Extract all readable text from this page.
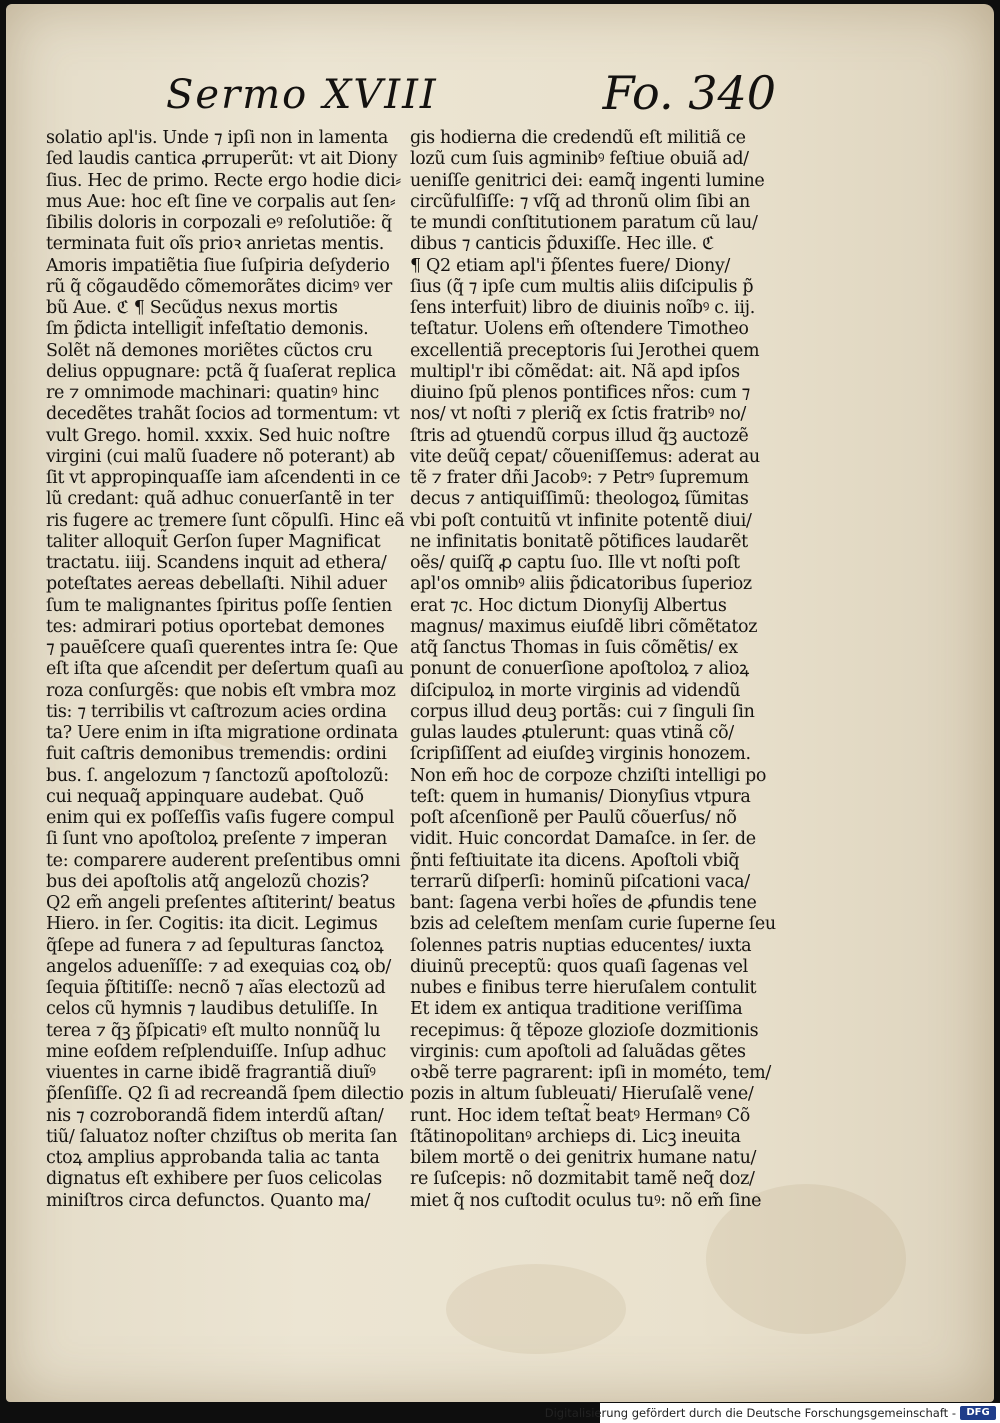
Sermo XVIII	Fo. 340
solatio apl'is. Unde ⁊ ipſi non in lamenta
ſed laudis cantica ꝓrruperũt: vt ait Diony
ſius. Hec de primo. Recte ergo hodie dici⸗
mus Aue: hoc eſt ſine ve corpalis aut ſen⸗
ſibilis doloris in corpozali eꝰ reſolutiõe: q̃
terminata fuit oĩs prioꝛ anrietas mentis.
Amoris impatiẽtia ſiue ſuſpiria deſyderio
rũ q̃ cõgaudẽdo cõmemorãtes dicimꝰ ver
bũ Aue. ℭ ¶ Secũdus nexus mortis
ſm p̃dicta intelligit̃ infeſtatio demonis.
Solẽt nã demones moriẽtes cũctos cru
delius oppugnare: pctã q̃ ſuaſerat replica
re ⁊ omnimode machinari: quatinꝰ hinc
decedẽtes trahãt ſocios ad tormentum: vt
vult Grego. homil. xxxix. Sed huic noſtre
virgini (cui malũ ſuadere nõ poterant) ab
ſit vt appropinquaſſe iam aſcendenti in ce
lũ credant: quã adhuc conuerſantẽ in ter
ris fugere ac tremere ſunt cõpulſi. Hinc eã
taliter alloquit̃ Gerſon ſuper Magnificat
tractatu. iiij. Scandens inquit ad ethera/
poteſtates aereas debellaſti. Nihil aduer
ſum te malignantes ſpiritus poſſe ſentien
tes: admirari potius oportebat demones
⁊ pauēſcere quaſi querentes intra ſe: Que
eſt iſta que aſcendit per deſertum quaſi au
roza conſurgẽs: que nobis eſt vmbra moz
tis: ⁊ terribilis vt caſtrozum acies ordina
ta? Uere enim in iſta migratione ordinata
fuit caſtris demonibus tremendis: ordini
bus. ſ. angelozum ⁊ ſanctozũ apoſtolozũ:
cui nequaq̃ appinquare audebat. Quõ
enim qui ex poſſeſſis vaſis fugere compul
ſi ſunt vno apoſtoloꝝ preſente ⁊ imperan
te: comparere auderent preſentibus omni
bus dei apoſtolis atq̃ angelozũ chozis?
Q2 em̃ angeli preſentes aſtiterint/ beatus
Hiero. in ſer. Cogitis: ita dicit. Legimus
q̃ſepe ad funera ⁊ ad ſepulturas ſanctoꝝ
angelos aduenĩſſe: ⁊ ad exequias coꝝ ob/
ſequia p̃ſtitiſſe: necnõ ⁊ aĩas electozũ ad
celos cũ hymnis ⁊ laudibus detuliſſe. In
terea ⁊ q̃ꝫ p̃ſpicatiꝰ eſt multo nonnũq̃ lu
mine eoſdem reſplenduiſſe. Inſup adhuc
viuentes in carne ibidẽ fragrantiã diuĩꝰ
p̃ſenſiſſe. Q2 ſi ad recreandã ſpem dilectio
nis ⁊ cozroborandã fidem interdũ aſtan/
tiũ/ ſaluatoz noſter chziſtus ob merita ſan
ctoꝝ amplius approbanda talia ac tanta
dignatus eſt exhibere per ſuos celicolas
miniſtros circa defunctos. Quanto ma/
gis hodierna die credendũ eſt militiã ce
lozũ cum ſuis agminibꝰ feſtiue obuiã ad/
ueniſſe genitrici dei: eamq̃ ingenti lumine
circũfulſiſſe: ⁊ vſq̃ ad thronũ olim ſibi an
te mundi conſtitutionem paratum cũ lau/
dibus ⁊ canticis p̃duxiſſe. Hec ille. ℭ
¶ Q2 etiam apl'i p̃ſentes fuere/ Diony/
ſius (q̃ ⁊ ipſe cum multis aliis diſcipulis p̃
ſens interfuit) libro de diuinis noĩbꝰ c. iij.
teſtatur. Uolens em̃ oſtendere Timotheo
excellentiã preceptoris ſui Jerothei quem
multipl'r ibi cõmẽdat: ait. Nã apd ipſos
diuino ſpũ plenos pontifices nr̃os: cum ⁊
nos/ vt noſti ⁊ pleriq̃ ex ſctis fratribꝰ no/
ſtris ad ꝯtuendũ corpus illud q̃ꝫ auctozẽ
vite deũq̃ cepat/ cõueniſſemus: aderat au
tẽ ⁊ frater dñi Jacobꝰ: ⁊ Petrꝰ ſupremum
decus ⁊ antiquiſſimũ: theologoꝝ ſũmitas
vbi poſt contuitũ vt infinite potentẽ diui/
ne infinitatis bonitatẽ põtifices laudarẽt
oẽs/ quiſq̃ ꝓ captu ſuo. Ille vt noſti poſt
apl'os omnibꝰ aliis p̃dicatoribus ſuperioz
erat ⁊c. Hoc dictum Dionyſij Albertus
magnus/ maximus eiuſdẽ libri cõmẽtatoz
atq̃ ſanctus Thomas in ſuis cõmẽtis/ ex
ponunt de conuerſione apoſtoloꝝ ⁊ alioꝝ
diſcipuloꝝ in morte virginis ad videndũ
corpus illud deuꝫ portãs: cui ⁊ ſinguli ſin
gulas laudes ꝓtulerunt: quas vtinã cõ/
ſcripſiſſent ad eiuſdeꝫ virginis honozem.
Non em̃ hoc de corpoze chziſti intelligi po
teſt: quem in humanis/ Dionyſius vtpura
poſt aſcenſionẽ per Paulũ cõuerſus/ nõ
vidit. Huic concordat Damaſce. in ſer. de
p̃nti feſtiuitate ita dicens. Apoſtoli vbiq̃
terrarũ diſperſi: hominũ piſcationi vaca/
bant: ſagena verbi hoĩes de ꝓfundis tene
bzis ad celeſtem menſam curie ſuperne ſeu
ſolennes patris nuptias educentes/ iuxta
diuinũ preceptũ: quos quaſi ſagenas vel
nubes e finibus terre hieruſalem contulit
Et idem ex antiqua traditione veriſſima
recepimus: q̃ tẽpoze glozioſe dozmitionis
virginis: cum apoſtoli ad ſaluãdas gẽtes
oꝛbẽ terre pagrarent: ipſi in mométo, tem/
pozis in altum ſubleuati/ Hieruſalẽ vene/
runt. Hoc idem teſtat̃ beatꝰ Hermanꝰ Cõ
ſtãtinopolitanꝰ archieps di. Licꝫ ineuita
bilem mortẽ o dei genitrix humane natu/
re ſuſcepis: nõ dozmitabit tamẽ neq̃ doz/
miet q̃ nos cuſtodit oculus tuꝰ: nõ em̃ ſine
Digitalisierung gefördert durch die Deutsche Forschungsgemeinschaft -	DFG
